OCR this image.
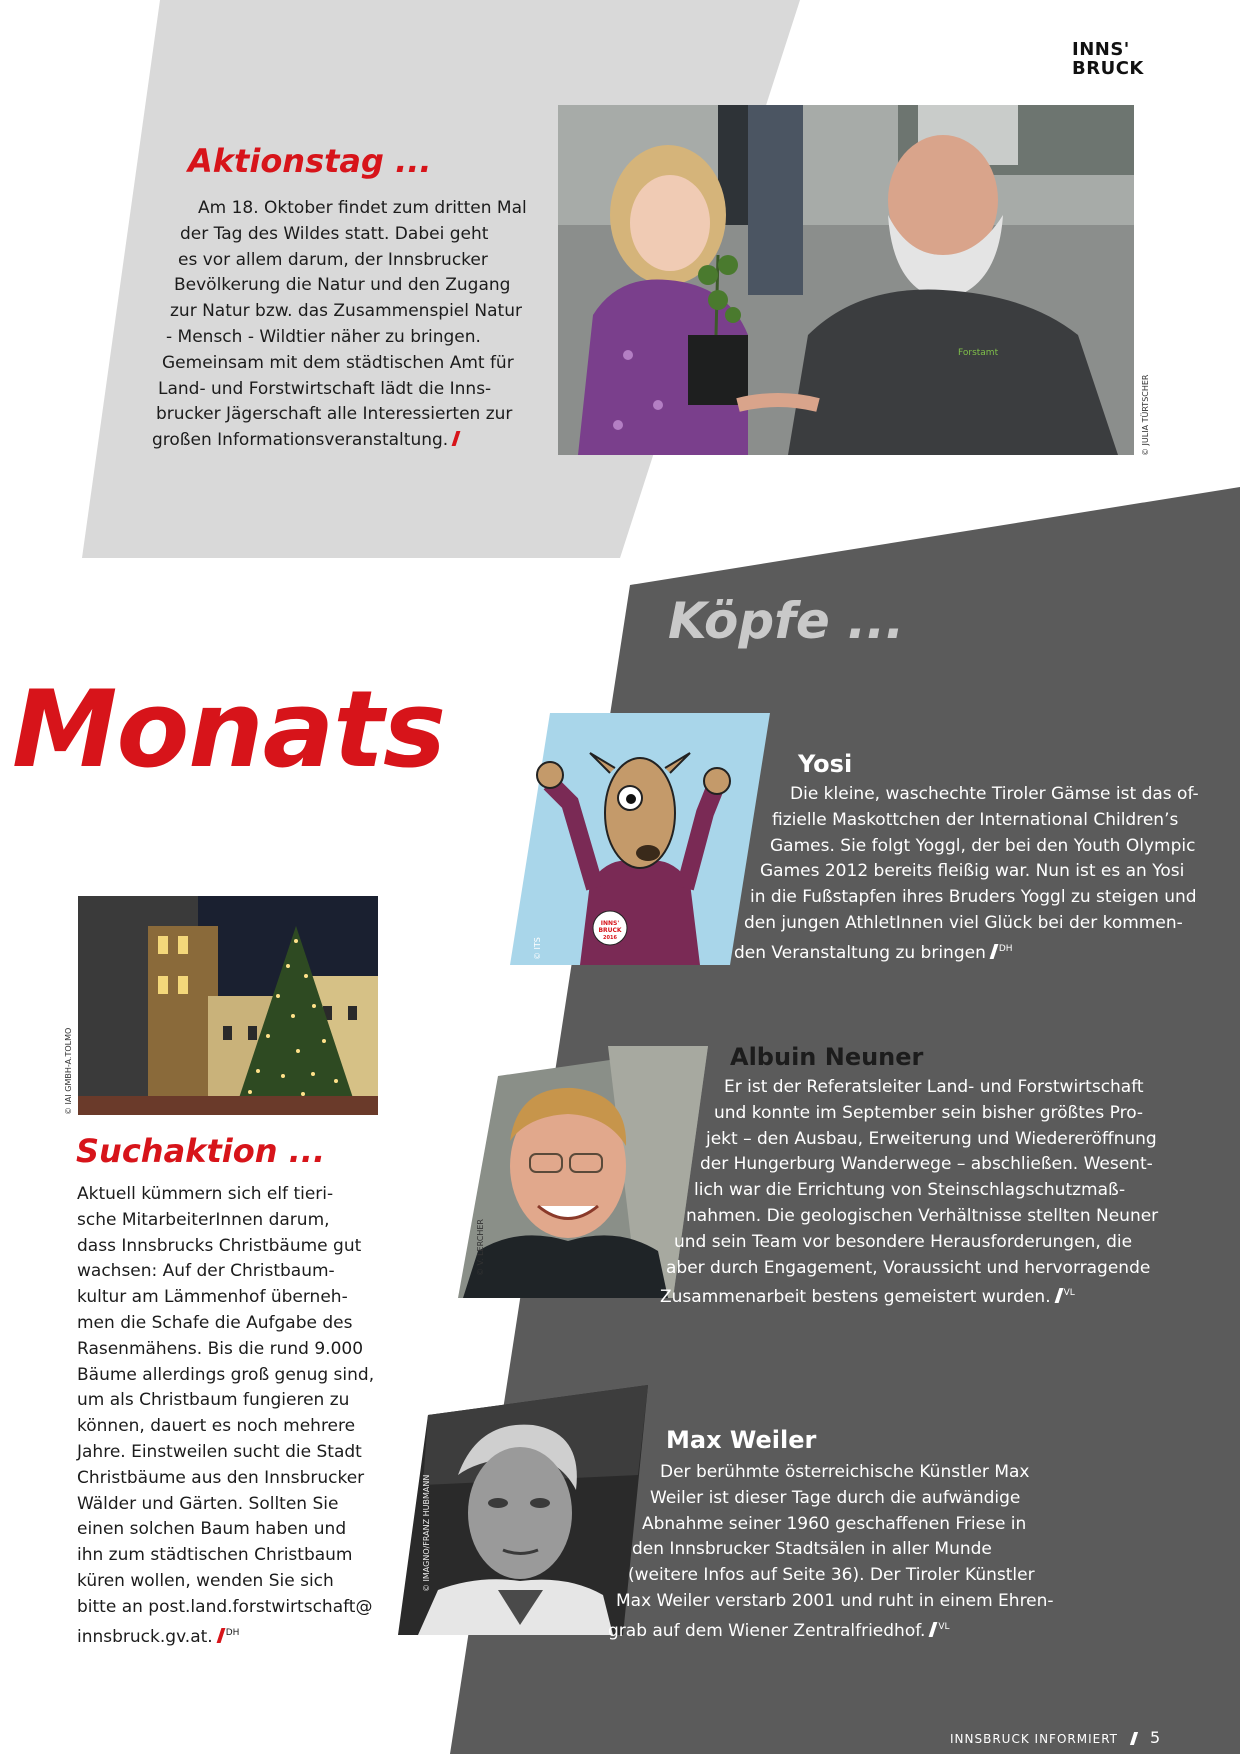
INNS'
BRUCK
Aktionstag ...
Am 18. Oktober findet zum dritten Mal
der Tag des Wildes statt. Dabei geht
es vor allem darum, der Innsbrucker
Bevölkerung die Natur und den Zugang
zur Natur bzw. das Zusammenspiel Natur
- Mensch - Wildtier näher zu bringen.
Gemeinsam mit dem städtischen Amt für
Land- und Forstwirtschaft lädt die Inns-
brucker Jägerschaft alle Interessierten zur
großen Informationsveranstaltung.
Forstamt
© JULIA TÜRTSCHER
Monats
Köpfe ...
© IAI GMBH-A.TOLMO
Suchaktion ...
Aktuell kümmern sich elf tieri-
sche MitarbeiterInnen darum,
dass Innsbrucks Christbäume gut
wachsen: Auf der Christbaum-
kultur am Lämmenhof überneh-
men die Schafe die Aufgabe des
Rasenmähens. Bis die rund 9.000
Bäume allerdings groß genug sind,
um als Christbaum fungieren zu
können, dauert es noch mehrere
Jahre. Einstweilen sucht die Stadt
Christbäume aus den Innsbrucker
Wälder und Gärten. Sollten Sie
einen solchen Baum haben und
ihn zum städtischen Christbaum
küren wollen, wenden Sie sich
bitte an post.land.forstwirtschaft@
innsbruck.gv.at. $^{DH}$
INNS'
BRUCK
2016
© ITS
Yosi
Die kleine, waschechte Tiroler Gämse ist das of-
fizielle Maskottchen der International Children’s
Games. Sie folgt Yoggl, der bei den Youth Olympic
Games 2012 bereits fleißig war. Nun ist es an Yosi
in die Fußstapfen ihres Bruders Yoggl zu steigen und
den jungen AthletInnen viel Glück bei der kommen-
den Veranstaltung zu bringen $^{DH}$
© V. LERCHER
Albuin Neuner
Er ist der Referatsleiter Land- und Forstwirtschaft
und konnte im September sein bisher größtes Pro-
jekt – den Ausbau, Erweiterung und Wiedereröffnung
der Hungerburg Wanderwege – abschließen. Wesent-
lich war die Errichtung von Steinschlagschutzmaß-
nahmen. Die geologischen Verhältnisse stellten Neuner
und sein Team vor besondere Herausforderungen, die
aber durch Engagement, Voraussicht und hervorragende
Zusammenarbeit bestens gemeistert wurden. $^{VL}$
© IMAGNO/FRANZ HUBMANN
Max Weiler
Der berühmte österreichische Künstler Max
Weiler ist dieser Tage durch die aufwändige
Abnahme seiner 1960 geschaffenen Friese in
den Innsbrucker Stadtsälen in aller Munde
(weitere Infos auf Seite 36). Der Tiroler Künstler
Max Weiler verstarb 2001 und ruht in einem Ehren-
grab auf dem Wiener Zentralfriedhof. $^{VL}$
INNSBRUCK INFORMIERT 5
